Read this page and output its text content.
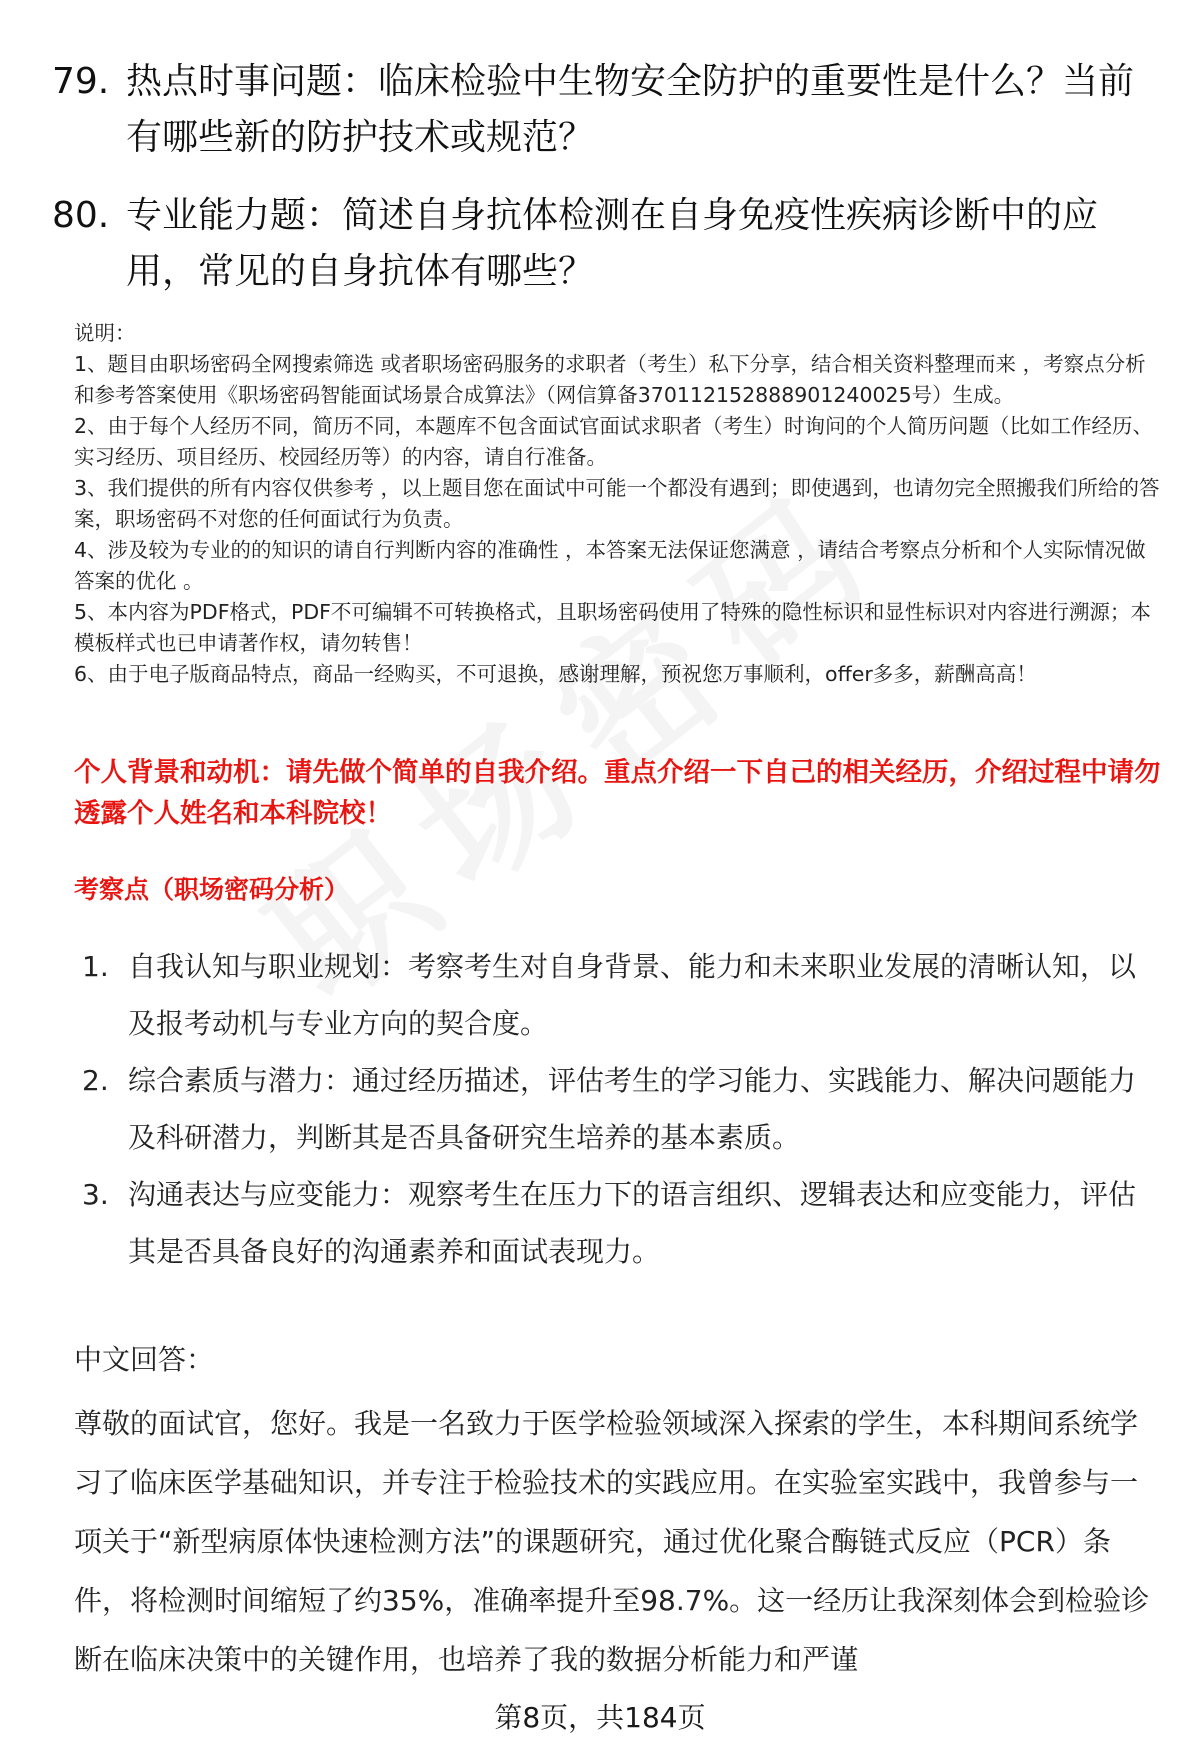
79. 热点时事问题：临床检验中生物安全防护的重要性是什么？当前有哪些新的防护技术或规范？
80. 专业能力题：简述自身抗体检测在自身免疫性疾病诊断中的应用，常见的自身抗体有哪些？

说明：

1、题目由职场密码全网搜索筛选 或者职场密码服务的求职者（考生）私下分享，结合相关资料整理而来 ，考察点分析和参考答案使用《职场密码智能面试场景合成算法》（网信算备370112152888901240025号）生成。

2、由于每个人经历不同，简历不同，本题库不包含面试官面试求职者（考生）时询问的个人简历问题（比如工作经历、实习经历、项目经历、校园经历等）的内容，请自行准备。

3、我们提供的所有内容仅供参考 ，以上题目您在面试中可能一个都没有遇到；即使遇到，也请勿完全照搬我们所给的答案，职场密码不对您的任何面试行为负责。

4、涉及较为专业的的知识的请自行判断内容的准确性 ，本答案无法保证您满意 ，请结合考察点分析和个人实际情况做答案的优化 。

5、本内容为PDF格式，PDF不可编辑不可转换格式，且职场密码使用了特殊的隐性标识和显性标识对内容进行溯源；本模板样式也已申请著作权，请勿转售！

6、由于电子版商品特点，商品一经购买，不可退换，感谢理解，预祝您万事顺利，offer多多，薪酬高高！

个人背景和动机：请先做个简单的自我介绍。重点介绍一下自己的相关经历，介绍过程中请勿透露个人姓名和本科院校！
考察点（职场密码分析）
1. 自我认知与职业规划：考察考生对自身背景、能力和未来职业发展的清晰认知，以及报考动机与专业方向的契合度。
2. 综合素质与潜力：通过经历描述，评估考生的学习能力、实践能力、解决问题能力及科研潜力，判断其是否具备研究生培养的基本素质。
3. 沟通表达与应变能力：观察考生在压力下的语言组织、逻辑表达和应变能力，评估其是否具备良好的沟通素养和面试表现力。
中文回答：
尊敬的面试官，您好。我是一名致力于医学检验领域深入探索的学生，本科期间系统学习了临床医学基础知识，并专注于检验技术的实践应用。在实验室实践中，我曾参与一项关于“新型病原体快速检测方法”的课题研究，通过优化聚合酶链式反应（PCR）条件，将检测时间缩短了约35%，准确率提升至98.7%。这一经历让我深刻体会到检验诊断在临床决策中的关键作用，也培养了我的数据分析能力和严谨
第8页，共184页
